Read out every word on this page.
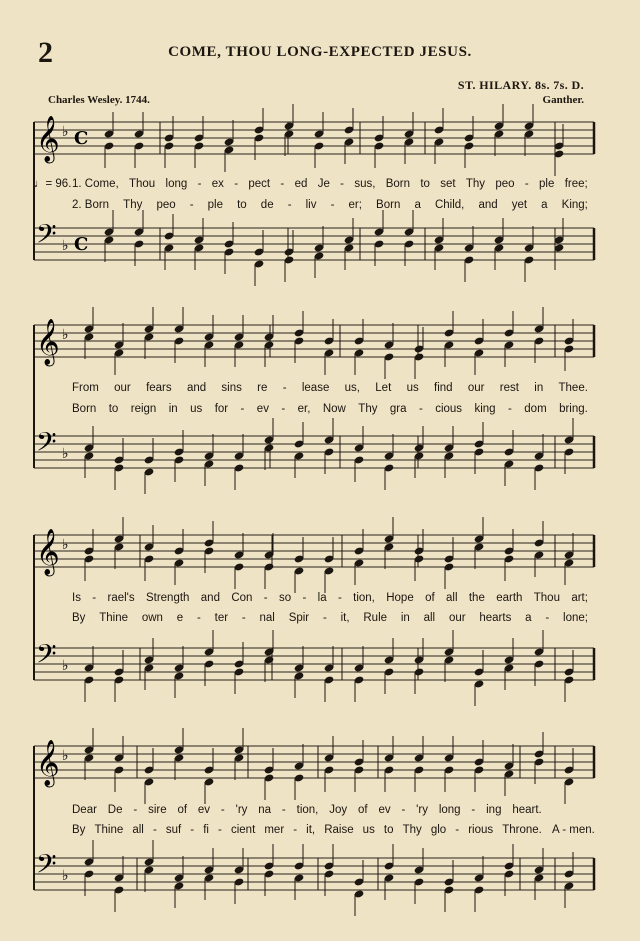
2	COME, THOU LONG-EXPECTED JESUS.
ST. HILARY. 8s. 7s. D.
Charles Wesley. 1744.	Ganther.
𝄞 ♭ C
𝄢 ♭ C
𝄞 ♭
𝄢 ♭
𝄞 ♭
𝄢 ♭
𝄞 ♭
𝄢 ♭
♩= 96. 1. Come, Thou long - ex - pect - ed Je - sus, Born to set Thy peo - ple free;
2. Born Thy peo - ple to de - liv - er; Born a Child, and yet a King;
From our fears and sins re - lease us, Let us find our rest in Thee.
Born to reign in us for - ev - er, Now Thy gra - cious king - dom bring.
Is - rael's Strength and Con - so - la - tion, Hope of all the earth Thou art;
By Thine own e - ter - nal Spir - it, Rule in all our hearts a - lone;
Dear De - sire of ev - 'ry na - tion, Joy of ev - 'ry long - ing heart.
By Thine all - suf - fi - cient mer - it, Raise us to Thy glo - rious Throne. A - men.
